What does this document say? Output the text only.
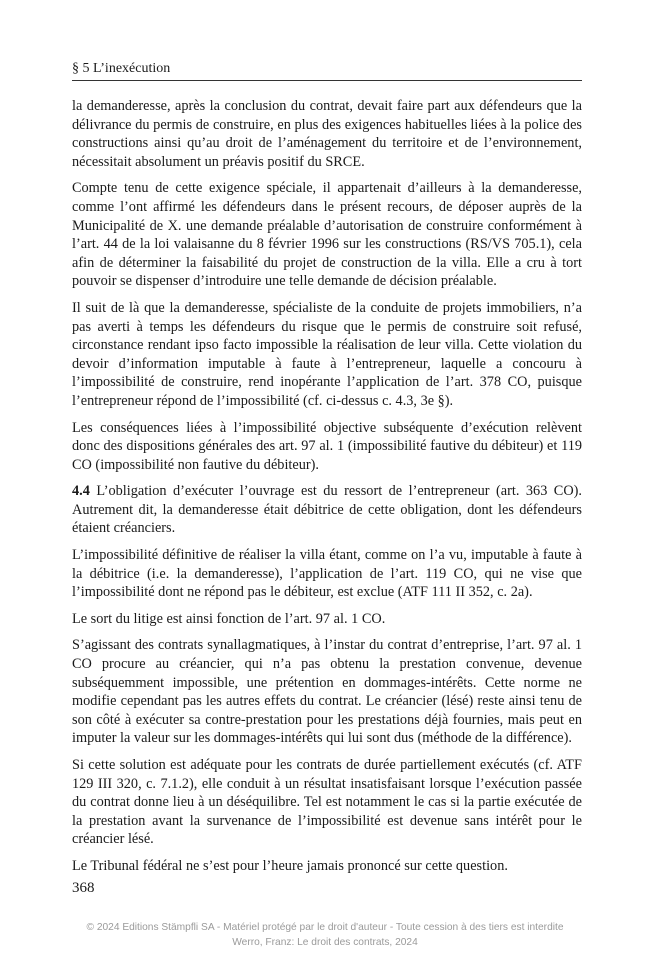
§ 5 L’inexécution

la demanderesse, après la conclusion du contrat, devait faire part aux défendeurs que la délivrance du permis de construire, en plus des exigences habituelles liées à la police des constructions ainsi qu’au droit de l’aménagement du territoire et de l’environnement, nécessitait absolument un préavis positif du SRCE.

Compte tenu de cette exigence spéciale, il appartenait d’ailleurs à la demanderesse, comme l’ont affirmé les défendeurs dans le présent recours, de déposer auprès de la Municipalité de X. une demande préalable d’autorisation de construire conformément à l’art. 44 de la loi valaisanne du 8 février 1996 sur les constructions (RS/VS 705.1), cela afin de déterminer la faisabilité du projet de construction de la villa. Elle a cru à tort pouvoir se dispenser d’introduire une telle demande de décision préalable.

Il suit de là que la demanderesse, spécialiste de la conduite de projets immobiliers, n’a pas averti à temps les défendeurs du risque que le permis de construire soit refusé, circonstance rendant ipso facto impossible la réalisation de leur villa. Cette violation du devoir d’information imputable à faute à l’entrepreneur, laquelle a concouru à l’impossibilité de construire, rend inopérante l’application de l’art. 378 CO, puisque l’entrepreneur répond de l’impossibilité (cf. ci-dessus c. 4.3, 3e §).

Les conséquences liées à l’impossibilité objective subséquente d’exécution relèvent donc des dispositions générales des art. 97 al. 1 (impossibilité fautive du débiteur) et 119 CO (impossibilité non fautive du débiteur).

4.4 L’obligation d’exécuter l’ouvrage est du ressort de l’entrepreneur (art. 363 CO). Autrement dit, la demanderesse était débitrice de cette obligation, dont les défendeurs étaient créanciers.

L’impossibilité définitive de réaliser la villa étant, comme on l’a vu, imputable à faute à la débitrice (i.e. la demanderesse), l’application de l’art. 119 CO, qui ne vise que l’impossibilité dont ne répond pas le débiteur, est exclue (ATF 111 II 352, c. 2a).

Le sort du litige est ainsi fonction de l’art. 97 al. 1 CO.

S’agissant des contrats synallagmatiques, à l’instar du contrat d’entreprise, l’art. 97 al. 1 CO procure au créancier, qui n’a pas obtenu la prestation convenue, devenue subséquemment impossible, une prétention en dommages-intérêts. Cette norme ne modifie cependant pas les autres effets du contrat. Le créancier (lésé) reste ainsi tenu de son côté à exécuter sa contre-prestation pour les prestations déjà fournies, mais peut en imputer la valeur sur les dommages-intérêts qui lui sont dus (méthode de la différence).

Si cette solution est adéquate pour les contrats de durée partiellement exécutés (cf. ATF 129 III 320, c. 7.1.2), elle conduit à un résultat insatisfaisant lorsque l’exécution passée du contrat donne lieu à un déséquilibre. Tel est notamment le cas si la partie exécutée de la prestation avant la survenance de l’impossibilité est devenue sans intérêt pour le créancier lésé.

Le Tribunal fédéral ne s’est pour l’heure jamais prononcé sur cette question.

368
© 2024 Editions Stämpfli SA - Matériel protégé par le droit d'auteur - Toute cession à des tiers est interdite
Werro, Franz: Le droit des contrats, 2024
